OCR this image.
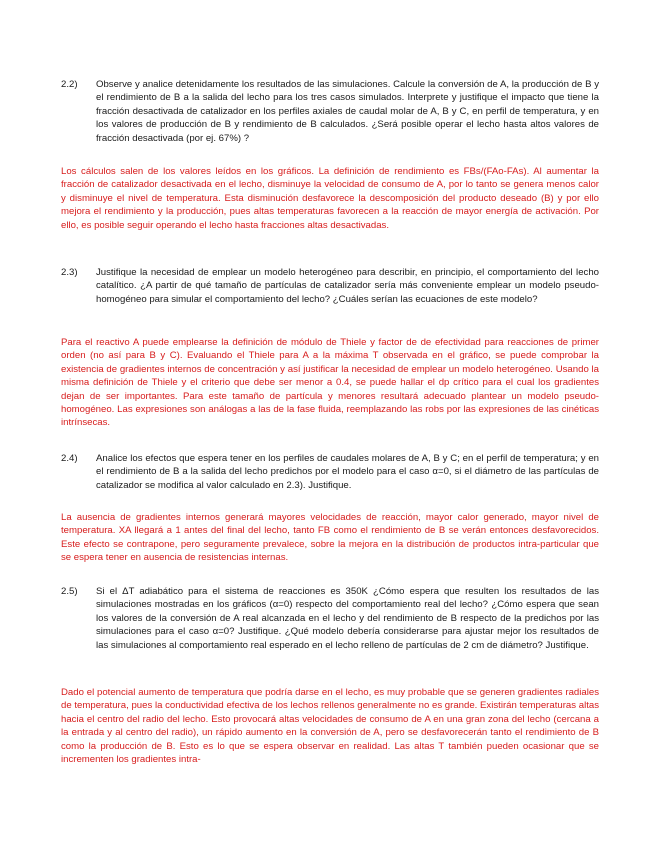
2.2)	Observe y analice detenidamente los resultados de las simulaciones. Calcule la conversión de A, la producción de B y el rendimiento de B a la salida del lecho para los tres casos simulados. Interprete y justifique el impacto que tiene la fracción desactivada de catalizador en los perfiles axiales de caudal molar de A, B y C, en perfil de temperatura, y en los valores de producción de B y rendimiento de B calculados. ¿Será posible operar el lecho hasta altos valores de fracción desactivada (por ej. 67%) ?

Los cálculos salen de los valores leídos en los gráficos. La definición de rendimiento es FBs/(FAo-FAs). Al aumentar la fracción de catalizador desactivada en el lecho, disminuye la velocidad de consumo de A, por lo tanto se genera menos calor y disminuye el nivel de temperatura. Esta disminución desfavorece la descomposición del producto deseado (B) y por ello mejora el rendimiento y la producción, pues altas temperaturas favorecen a la reacción de mayor energía de activación. Por ello, es posible seguir operando el lecho hasta fracciones altas desactivadas.

2.3)	Justifique la necesidad de emplear un modelo heterogéneo para describir, en principio, el comportamiento del lecho catalítico. ¿A partir de qué tamaño de partículas de catalizador sería más conveniente emplear un modelo pseudo-homogéneo para simular el comportamiento del lecho? ¿Cuáles serían las ecuaciones de este modelo?

Para el reactivo A puede emplearse la definición de módulo de Thiele y factor de de efectividad para reacciones de primer orden (no así para B y C). Evaluando el Thiele para A a la máxima T observada en el gráfico, se puede comprobar la existencia de gradientes internos de concentración y así justificar la necesidad de emplear un modelo heterogéneo. Usando la misma definición de Thiele y el criterio que debe ser menor a 0.4, se puede hallar el dp crítico para el cual los gradientes dejan de ser importantes. Para este tamaño de partícula y menores resultará adecuado plantear un modelo pseudo-homogéneo. Las expresiones son análogas a las de la fase fluida, reemplazando las robs por las expresiones de las cinéticas intrínsecas.

2.4)	Analice los efectos que espera tener en los perfiles de caudales molares de A, B y C; en el perfil de temperatura; y en el rendimiento de B a la salida del lecho predichos por el modelo para el caso α=0, si el diámetro de las partículas de catalizador se modifica al valor calculado en 2.3). Justifique.

La ausencia de gradientes internos generará mayores velocidades de reacción, mayor calor generado, mayor nivel de temperatura. XA llegará a 1 antes del final del lecho, tanto FB como el rendimiento de B se verán entonces desfavorecidos. Este efecto se contrapone, pero seguramente prevalece, sobre la mejora en la distribución de productos intra-particular que se espera tener en ausencia de resistencias internas.

2.5)	Si el ΔT adiabático para el sistema de reacciones es 350K ¿Cómo espera que resulten los resultados de las simulaciones mostradas en los gráficos (α=0) respecto del comportamiento real del lecho? ¿Cómo espera que sean los valores de la conversión de A real alcanzada en el lecho y del rendimiento de B respecto de la predichos por las simulaciones para el caso α=0? Justifique. ¿Qué modelo debería considerarse para ajustar mejor los resultados de las simulaciones al comportamiento real esperado en el lecho relleno de partículas de 2 cm de diámetro? Justifique.

Dado el potencial aumento de temperatura que podría darse en el lecho, es muy probable que se generen gradientes radiales de temperatura, pues la conductividad efectiva de los lechos rellenos generalmente no es grande. Existirán temperaturas altas hacia el centro del radio del lecho. Esto provocará altas velocidades de consumo de A en una gran zona del lecho (cercana a la entrada y al centro del radio), un rápido aumento en la conversión de A, pero se desfavorecerán tanto el rendimiento de B como la producción de B. Esto es lo que se espera observar en realidad. Las altas T también pueden ocasionar que se incrementen los gradientes intra-
